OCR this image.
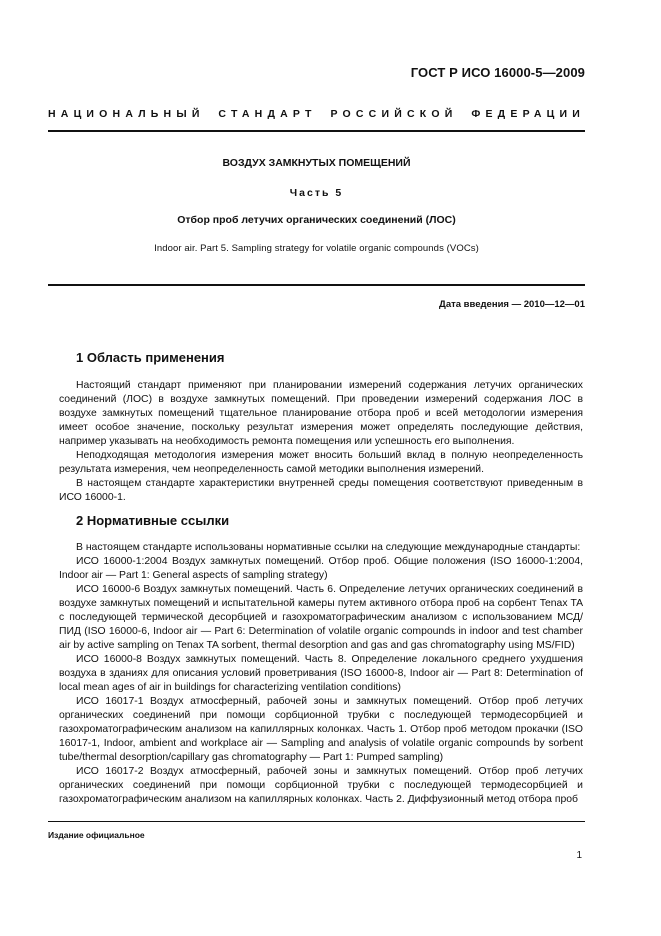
ГОСТ Р ИСО 16000-5—2009
НАЦИОНАЛЬНЫЙ СТАНДАРТ РОССИЙСКОЙ ФЕДЕРАЦИИ
ВОЗДУХ ЗАМКНУТЫХ ПОМЕЩЕНИЙ
Часть 5
Отбор проб летучих органических соединений (ЛОС)
Indoor air. Part 5. Sampling strategy for volatile organic compounds (VOCs)
Дата введения — 2010—12—01
1 Область применения

Настоящий стандарт применяют при планировании измерений содержания летучих органических соединений (ЛОС) в воздухе замкнутых помещений. При проведении измерений содержания ЛОС в воздухе замкнутых помещений тщательное планирование отбора проб и всей методологии измерения имеет особое значение, поскольку результат измерения может определять последующие действия, например указывать на необходимость ремонта помещения или успешность его выполнения.

Неподходящая методология измерения может вносить больший вклад в полную неопределенность результата измерения, чем неопределенность самой методики выполнения измерений.

В настоящем стандарте характеристики внутренней среды помещения соответствуют приведенным в ИСО 16000-1.

2 Нормативные ссылки

В настоящем стандарте использованы нормативные ссылки на следующие международные стандарты:

ИСО 16000-1:2004 Воздух замкнутых помещений. Отбор проб. Общие положения (ISO 16000-1:2004, Indoor air — Part 1: General aspects of sampling strategy)

ИСО 16000-6 Воздух замкнутых помещений. Часть 6. Определение летучих органических соединений в воздухе замкнутых помещений и испытательной камеры путем активного отбора проб на сорбент Tenax TA с последующей термической десорбцией и газохроматографическим анализом с использованием МСД/ПИД (ISO 16000-6, Indoor air — Part 6: Determination of volatile organic compounds in indoor and test chamber air by active sampling on Tenax TA sorbent, thermal desorption and gas and gas chromatography using MS/FID)

ИСО 16000-8 Воздух замкнутых помещений. Часть 8. Определение локального среднего ухудшения воздуха в зданиях для описания условий проветривания (ISO 16000-8, Indoor air — Part 8: Determination of local mean ages of air in buildings for characterizing ventilation conditions)

ИСО 16017-1 Воздух атмосферный, рабочей зоны и замкнутых помещений. Отбор проб летучих органических соединений при помощи сорбционной трубки с последующей термодесорбцией и газохроматографическим анализом на капиллярных колонках. Часть 1. Отбор проб методом прокачки (ISO 16017-1, Indoor, ambient and workplace air — Sampling and analysis of volatile organic compounds by sorbent tube/thermal desorption/capillary gas chromatography — Part 1: Pumped sampling)

ИСО 16017-2 Воздух атмосферный, рабочей зоны и замкнутых помещений. Отбор проб летучих органических соединений при помощи сорбционной трубки с последующей термодесорбцией и газохроматографическим анализом на капиллярных колонках. Часть 2. Диффузионный метод отбора проб

Издание официальное
1
